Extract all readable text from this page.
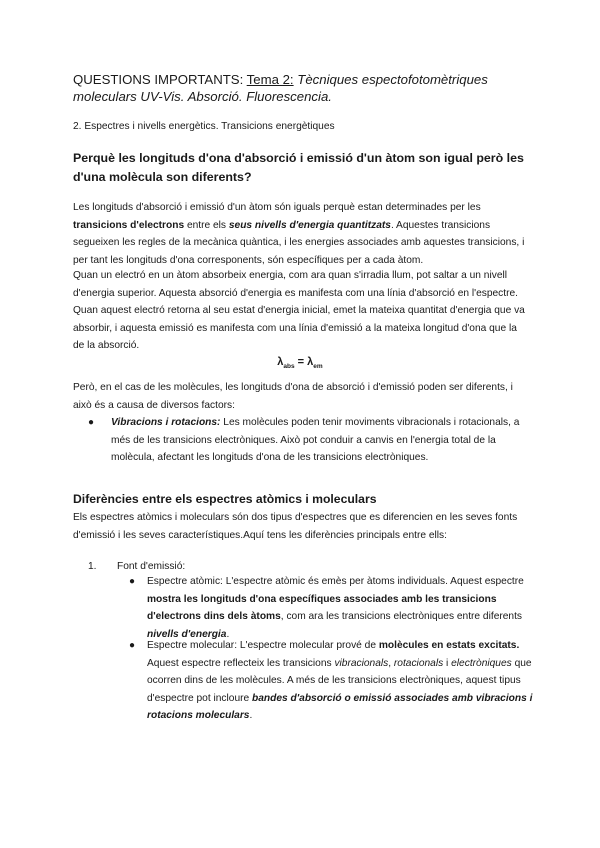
QUESTIONS IMPORTANTS: Tema 2: Tècniques espectofotomètriques moleculars UV-Vis. Absorció. Fluorescencia.
2. Espectres i nivells energètics. Transicions energètiques
Perquè les longituds d'ona d'absorció i emissió d'un àtom son igual però les d'una molècula son diferents?
Les longituds d'absorció i emissió d'un àtom són iguals perquè estan determinades per les transicions d'electrons entre els seus nivells d'energia quantitzats. Aquestes transicions segueixen les regles de la mecànica quàntica, i les energies associades amb aquestes transicions, i per tant les longituds d'ona corresponents, són específiques per a cada àtom.
Quan un electró en un àtom absorbeix energia, com ara quan s'irradia llum, pot saltar a un nivell d'energia superior. Aquesta absorció d'energia es manifesta com una línia d'absorció en l'espectre. Quan aquest electró retorna al seu estat d'energia inicial, emet la mateixa quantitat d'energia que va absorbir, i aquesta emissió es manifesta com una línia d'emissió a la mateixa longitud d'ona que la de la absorció.
$\lambda_{abs} = \lambda_{em}$
Però, en el cas de les molècules, les longituds d'ona de absorció i d'emissió poden ser diferents, i això és a causa de diversos factors:
● Vibracions i rotacions: Les molècules poden tenir moviments vibracionals i rotacionals, a més de les transicions electròniques. Això pot conduir a canvis en l'energia total de la molècula, afectant les longituds d'ona de les transicions electròniques.
Diferències entre els espectres atòmics i moleculars
Els espectres atòmics i moleculars són dos tipus d'espectres que es diferencien en les seves fonts d'emissió i les seves característiques.Aquí tens les diferències principals entre ells:
1. Font d'emissió:
● Espectre atòmic: L'espectre atòmic és emès per àtoms individuals. Aquest espectre mostra les longituds d'ona específiques associades amb les transicions d'electrons dins dels àtoms, com ara les transicions electròniques entre diferents nivells d'energia.
● Espectre molecular: L'espectre molecular prové de molècules en estats excitats. Aquest espectre reflecteix les transicions vibracionals, rotacionals i electròniques que ocorren dins de les molècules. A més de les transicions electròniques, aquest tipus d'espectre pot incloure bandes d'absorció o emissió associades amb vibracions i rotacions moleculars.
